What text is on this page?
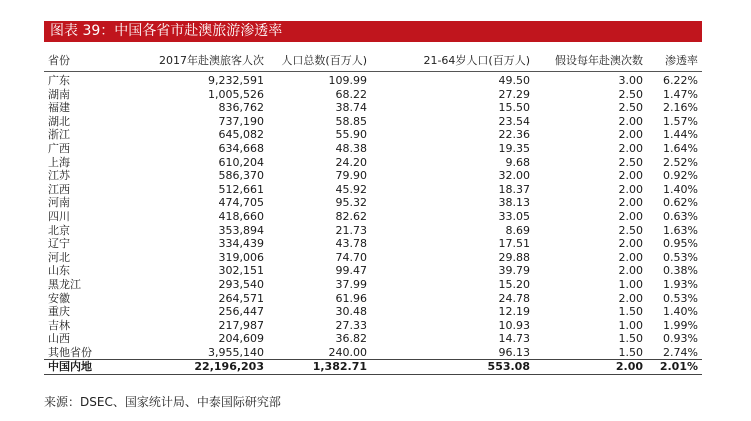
图表 39：中国各省市赴澳旅游渗透率
省份	2017年赴澳旅客人次	人口总数(百万人)	21-64岁人口(百万人)	假设每年赴澳次数	渗透率
广东	9,232,591	109.99	49.50	3.00	6.22%
湖南	1,005,526	68.22	27.29	2.50	1.47%
福建	836,762	38.74	15.50	2.50	2.16%
湖北	737,190	58.85	23.54	2.00	1.57%
浙江	645,082	55.90	22.36	2.00	1.44%
广西	634,668	48.38	19.35	2.00	1.64%
上海	610,204	24.20	9.68	2.50	2.52%
江苏	586,370	79.90	32.00	2.00	0.92%
江西	512,661	45.92	18.37	2.00	1.40%
河南	474,705	95.32	38.13	2.00	0.62%
四川	418,660	82.62	33.05	2.00	0.63%
北京	353,894	21.73	8.69	2.50	1.63%
辽宁	334,439	43.78	17.51	2.00	0.95%
河北	319,006	74.70	29.88	2.00	0.53%
山东	302,151	99.47	39.79	2.00	0.38%
黑龙江	293,540	37.99	15.20	1.00	1.93%
安徽	264,571	61.96	24.78	2.00	0.53%
重庆	256,447	30.48	12.19	1.50	1.40%
吉林	217,987	27.33	10.93	1.00	1.99%
山西	204,609	36.82	14.73	1.50	0.93%
其他省份	3,955,140	240.00	96.13	1.50	2.74%
中国内地	22,196,203	1,382.71	553.08	2.00	2.01%
来源：DSEC、国家统计局、中泰国际研究部
